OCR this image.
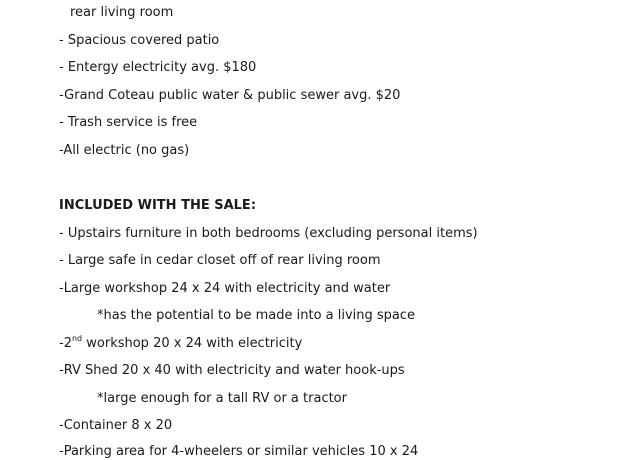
rear living room
- Spacious covered patio
- Entergy electricity avg. $180
-Grand Coteau public water & public sewer avg. $20
- Trash service is free
-All electric (no gas)
INCLUDED WITH THE SALE:
- Upstairs furniture in both bedrooms (excluding personal items)
- Large safe in cedar closet off of rear living room
-Large workshop 24 x 24 with electricity and water
*has the potential to be made into a living space
-2nd workshop 20 x 24 with electricity
-RV Shed 20 x 40 with electricity and water hook-ups
*large enough for a tall RV or a tractor
-Container 8 x 20
-Parking area for 4-wheelers or similar vehicles 10 x 24
